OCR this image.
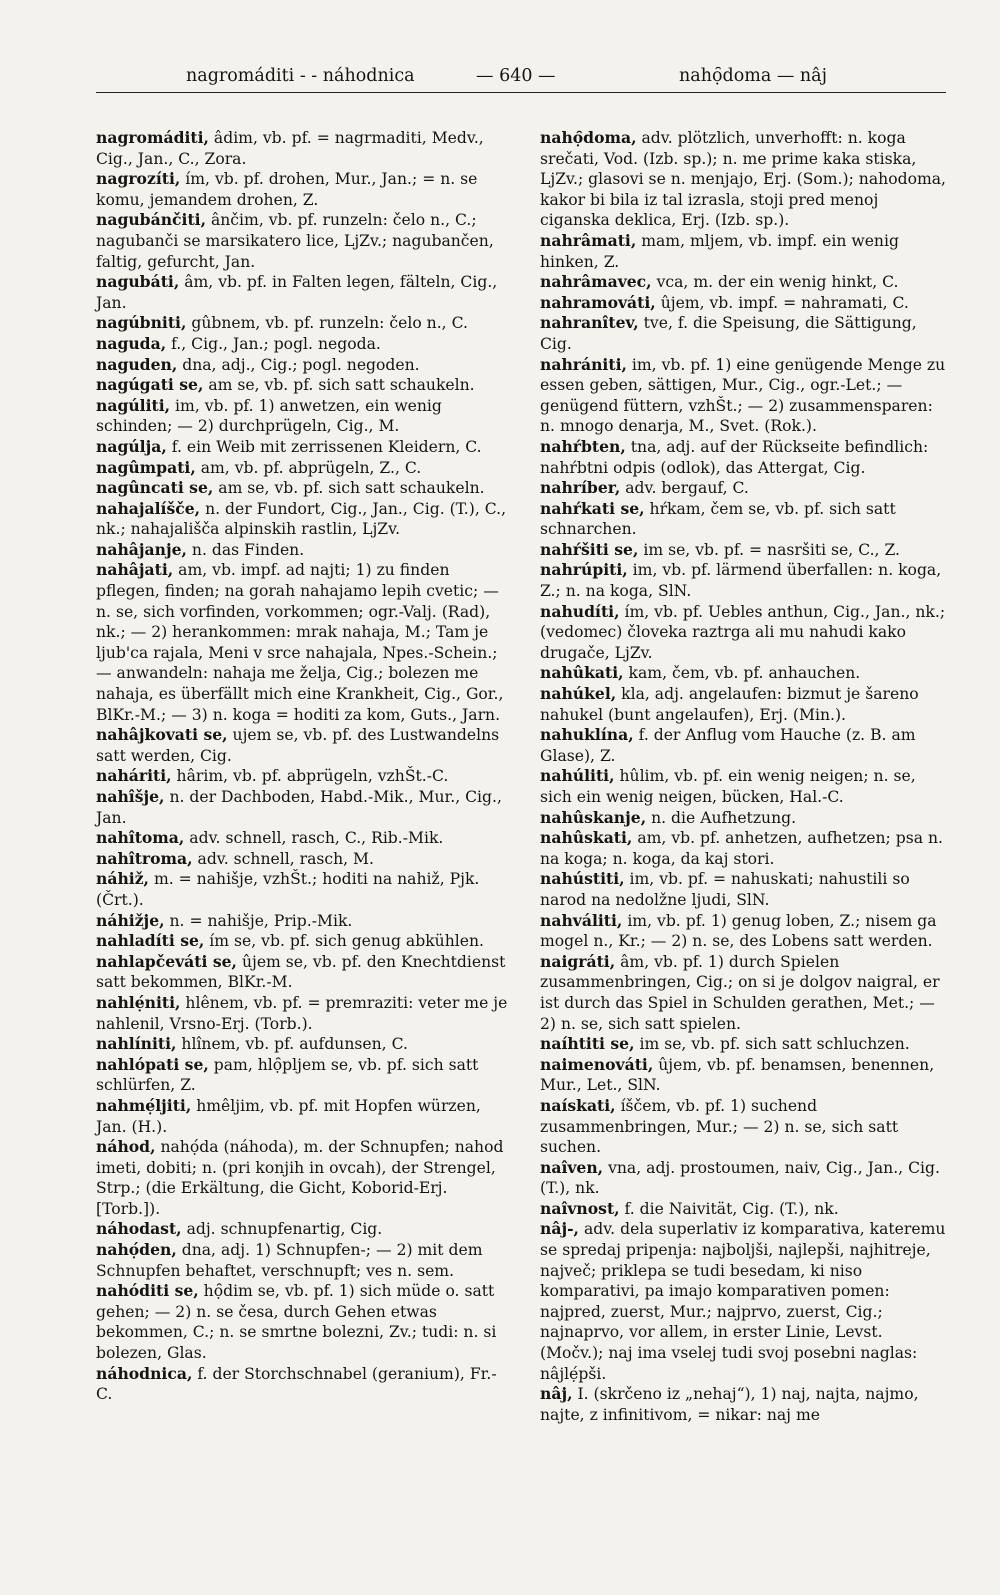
nagromáditi - - náhodnica	— 640 —	nahọ̑doma — nâj
nagromáditi, âdim, vb. pf. = nagrmaditi, Medv., Cig., Jan., C., Zora.
nagrozíti, ím, vb. pf. drohen, Mur., Jan.; = n. se komu, jemandem drohen, Z.
nagubánčiti, ânčim, vb. pf. runzeln: čelo n., C.; nagubanči se marsikatero lice, LjZv.; nagubančen, faltig, gefurcht, Jan.
nagubáti, âm, vb. pf. in Falten legen, fälteln, Cig., Jan.
nagúbniti, gûbnem, vb. pf. runzeln: čelo n., C.
naguda, f., Cig., Jan.; pogl. negoda.
naguden, dna, adj., Cig.; pogl. negoden.
nagúgati se, am se, vb. pf. sich satt schaukeln.
nagúliti, im, vb. pf. 1) anwetzen, ein wenig schinden; — 2) durchprügeln, Cig., M.
nagúlja, f. ein Weib mit zerrissenen Kleidern, C.
nagûmpati, am, vb. pf. abprügeln, Z., C.
nagûncati se, am se, vb. pf. sich satt schaukeln.
nahajalíšče, n. der Fundort, Cig., Jan., Cig. (T.), C., nk.; nahajališča alpinskih rastlin, LjZv.
nahâjanje, n. das Finden.
nahâjati, am, vb. impf. ad najti; 1) zu finden pflegen, finden; na gorah nahajamo lepih cvetic; — n. se, sich vorfinden, vorkommen; ogr.-Valj. (Rad), nk.; — 2) herankommen: mrak nahaja, M.; Tam je ljub'ca rajala, Meni v srce nahajala, Npes.-Schein.; — anwandeln: nahaja me želja, Cig.; bolezen me nahaja, es überfällt mich eine Krankheit, Cig., Gor., BlKr.-M.; — 3) n. koga = hoditi za kom, Guts., Jarn.
nahâjkovati se, ujem se, vb. pf. des Lustwandelns satt werden, Cig.
naháriti, hârim, vb. pf. abprügeln, vzhŠt.-C.
nahîšje, n. der Dachboden, Habd.-Mik., Mur., Cig., Jan.
nahîtoma, adv. schnell, rasch, C., Rib.-Mik.
nahîtroma, adv. schnell, rasch, M.
náhiž, m. = nahišje, vzhŠt.; hoditi na nahiž, Pjk. (Črt.).
náhižje, n. = nahišje, Prip.-Mik.
nahladíti se, ím se, vb. pf. sich genug abkühlen.
nahlapčeváti se, ûjem se, vb. pf. den Knechtdienst satt bekommen, BlKr.-M.
nahlẹ́niti, hlênem, vb. pf. = premraziti: veter me je nahlenil, Vrsno-Erj. (Torb.).
nahlíniti, hlînem, vb. pf. aufdunsen, C.
nahlópati se, pam, hlọ̑pljem se, vb. pf. sich satt schlürfen, Z.
nahmẹ́ljiti, hmêljim, vb. pf. mit Hopfen würzen, Jan. (H.).
náhod, nahọ́da (náhoda), m. der Schnupfen; nahod imeti, dobiti; n. (pri konjih in ovcah), der Strengel, Strp.; (die Erkältung, die Gicht, Koborid-Erj. [Torb.]).
náhodast, adj. schnupfenartig, Cig.
nahọ́den, dna, adj. 1) Schnupfen-; — 2) mit dem Schnupfen behaftet, verschnupft; ves n. sem.
nahóditi se, họ̑dim se, vb. pf. 1) sich müde o. satt gehen; — 2) n. se česa, durch Gehen etwas bekommen, C.; n. se smrtne bolezni, Zv.; tudi: n. si bolezen, Glas.
náhodnica, f. der Storchschnabel (geranium), Fr.-C.
nahọ̑doma, adv. plötzlich, unverhofft: n. koga srečati, Vod. (Izb. sp.); n. me prime kaka stiska, LjZv.; glasovi se n. menjajo, Erj. (Som.); nahodoma, kakor bi bila iz tal izrasla, stoji pred menoj ciganska deklica, Erj. (Izb. sp.).
nahrâmati, mam, mljem, vb. impf. ein wenig hinken, Z.
nahrâmavec, vca, m. der ein wenig hinkt, C.
nahramováti, ûjem, vb. impf. = nahramati, C.
nahranîtev, tve, f. die Speisung, die Sättigung, Cig.
nahrániti, im, vb. pf. 1) eine genügende Menge zu essen geben, sättigen, Mur., Cig., ogr.-Let.; — genügend füttern, vzhŠt.; — 2) zusammensparen: n. mnogo denarja, M., Svet. (Rok.).
nahŕbten, tna, adj. auf der Rückseite befindlich: nahŕbtni odpis (odlok), das Attergat, Cig.
nahríber, adv. bergauf, C.
nahŕkati se, hŕkam, čem se, vb. pf. sich satt schnarchen.
nahŕšiti se, im se, vb. pf. = nasršiti se, C., Z.
nahrúpiti, im, vb. pf. lärmend überfallen: n. koga, Z.; n. na koga, SlN.
nahudíti, ím, vb. pf. Uebles anthun, Cig., Jan., nk.; (vedomec) človeka raztrga ali mu nahudi kako drugače, LjZv.
nahûkati, kam, čem, vb. pf. anhauchen.
nahúkel, kla, adj. angelaufen: bizmut je šareno nahukel (bunt angelaufen), Erj. (Min.).
nahuklína, f. der Anflug vom Hauche (z. B. am Glase), Z.
nahúliti, hûlim, vb. pf. ein wenig neigen; n. se, sich ein wenig neigen, bücken, Hal.-C.
nahûskanje, n. die Aufhetzung.
nahûskati, am, vb. pf. anhetzen, aufhetzen; psa n. na koga; n. koga, da kaj stori.
nahústiti, im, vb. pf. = nahuskati; nahustili so narod na nedolžne ljudi, SlN.
nahváliti, im, vb. pf. 1) genug loben, Z.; nisem ga mogel n., Kr.; — 2) n. se, des Lobens satt werden.
naigráti, âm, vb. pf. 1) durch Spielen zusammenbringen, Cig.; on si je dolgov naigral, er ist durch das Spiel in Schulden gerathen, Met.; — 2) n. se, sich satt spielen.
naíhtiti se, im se, vb. pf. sich satt schluchzen.
naimenováti, ûjem, vb. pf. benamsen, benennen, Mur., Let., SlN.
naískati, íščem, vb. pf. 1) suchend zusammenbringen, Mur.; — 2) n. se, sich satt suchen.
naîven, vna, adj. prostoumen, naiv, Cig., Jan., Cig. (T.), nk.
naîvnost, f. die Naivität, Cig. (T.), nk.
nâj-, adv. dela superlativ iz komparativa, kateremu se spredaj pripenja: najboljši, najlepši, najhitreje, največ; priklepa se tudi besedam, ki niso komparativi, pa imajo komparativen pomen: najpred, zuerst, Mur.; najprvo, zuerst, Cig.; najnaprvo, vor allem, in erster Linie, Levst. (Močv.); naj ima vselej tudi svoj posebni naglas: nâjlẹ́pši.
nâj, I. (skrčeno iz „nehaj“), 1) naj, najta, najmo, najte, z infinitivom, = nikar: naj me
